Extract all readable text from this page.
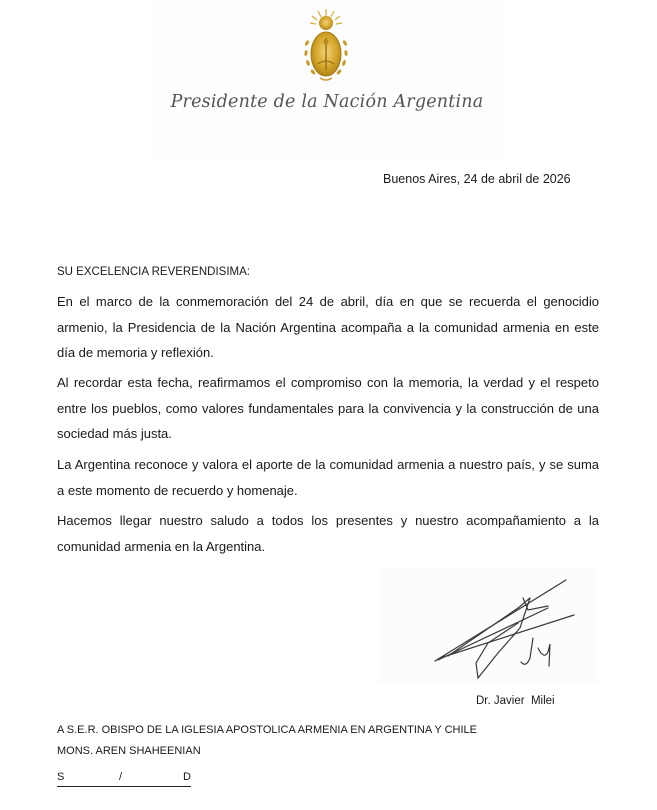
Presidente de la Nación Argentina
Buenos Aires, 24 de abril de 2026
SU EXCELENCIA REVERENDISIMA:

En el marco de la conmemoración del 24 de abril, día en que se recuerda el genocidio armenio, la Presidencia de la Nación Argentina acompaña a la comunidad armenia en este día de memoria y reflexión.

Al recordar esta fecha, reafirmamos el compromiso con la memoria, la verdad y el respeto entre los pueblos, como valores fundamentales para la convivencia y la construcción de una sociedad más justa.

La Argentina reconoce y valora el aporte de la comunidad armenia a nuestro país, y se suma a este momento de recuerdo y homenaje.

Hacemos llegar nuestro saludo a todos los presentes y nuestro acompañamiento a la comunidad armenia en la Argentina.

Dr. Javier  Milei
A S.E.R. OBISPO DE LA IGLESIA APOSTOLICA ARMENIA EN ARGENTINA Y CHILE
MONS. AREN SHAHEENIAN
S	/	D
